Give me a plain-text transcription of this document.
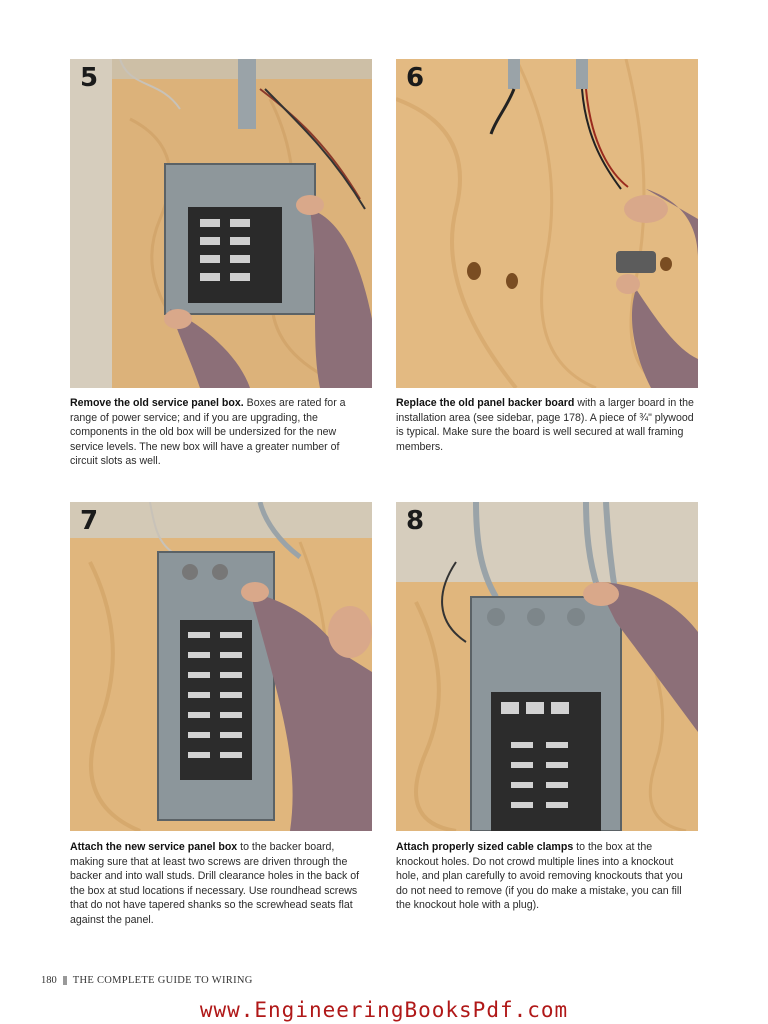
5	6
7	8
Remove the old service panel box. Boxes are rated for a range of power service; and if you are upgrading, the components in the old box will be undersized for the new service levels. The new box will have a greater number of circuit slots as well.
Replace the old panel backer board with a larger board in the installation area (see sidebar, page 178). A piece of ¾" plywood is typical. Make sure the board is well secured at wall framing members.
Attach the new service panel box to the backer board, making sure that at least two screws are driven through the backer and into wall studs. Drill clearance holes in the back of the box at stud locations if necessary. Use roundhead screws that do not have tapered shanks so the screwhead seats flat against the panel.
Attach properly sized cable clamps to the box at the knockout holes. Do not crowd multiple lines into a knockout hole, and plan carefully to avoid removing knockouts that you do not need to remove (if you do make a mistake, you can fill the knockout hole with a plug).
180 THE COMPLETE GUIDE TO WIRING
www.EngineeringBooksPdf.com
